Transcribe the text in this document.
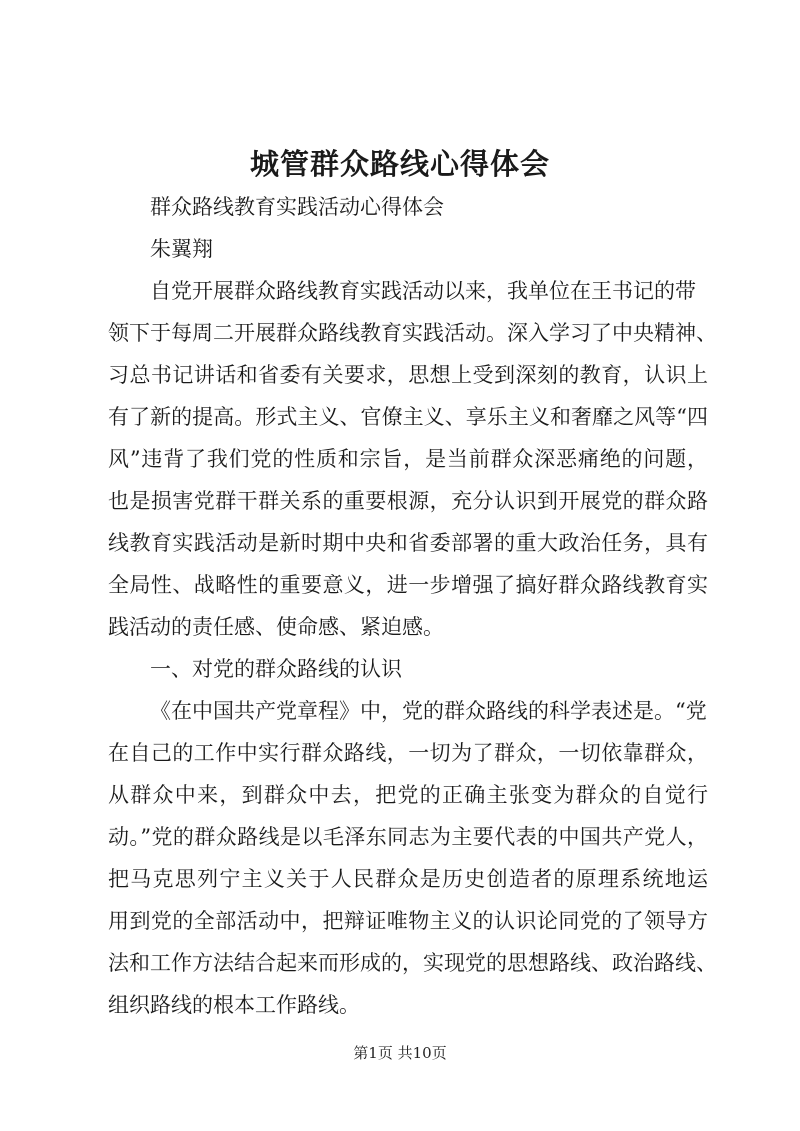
城管群众路线心得体会

群众路线教育实践活动心得体会

朱翼翔

自党开展群众路线教育实践活动以来，我单位在王书记的带

领下于每周二开展群众路线教育实践活动。深入学习了中央精神、

习总书记讲话和省委有关要求，思想上受到深刻的教育，认识上

有了新的提高。形式主义、官僚主义、享乐主义和奢靡之风等“四

风”违背了我们党的性质和宗旨，是当前群众深恶痛绝的问题，

也是损害党群干群关系的重要根源，充分认识到开展党的群众路

线教育实践活动是新时期中央和省委部署的重大政治任务，具有

全局性、战略性的重要意义，进一步增强了搞好群众路线教育实

践活动的责任感、使命感、紧迫感。

一、对党的群众路线的认识

《在中国共产党章程》中，党的群众路线的科学表述是。“党

在自己的工作中实行群众路线，一切为了群众，一切依靠群众，

从群众中来，到群众中去，把党的正确主张变为群众的自觉行

动。”党的群众路线是以毛泽东同志为主要代表的中国共产党人，

把马克思列宁主义关于人民群众是历史创造者的原理系统地运

用到党的全部活动中，把辩证唯物主义的认识论同党的了领导方

法和工作方法结合起来而形成的，实现党的思想路线、政治路线、

组织路线的根本工作路线。

第1页 共10页
